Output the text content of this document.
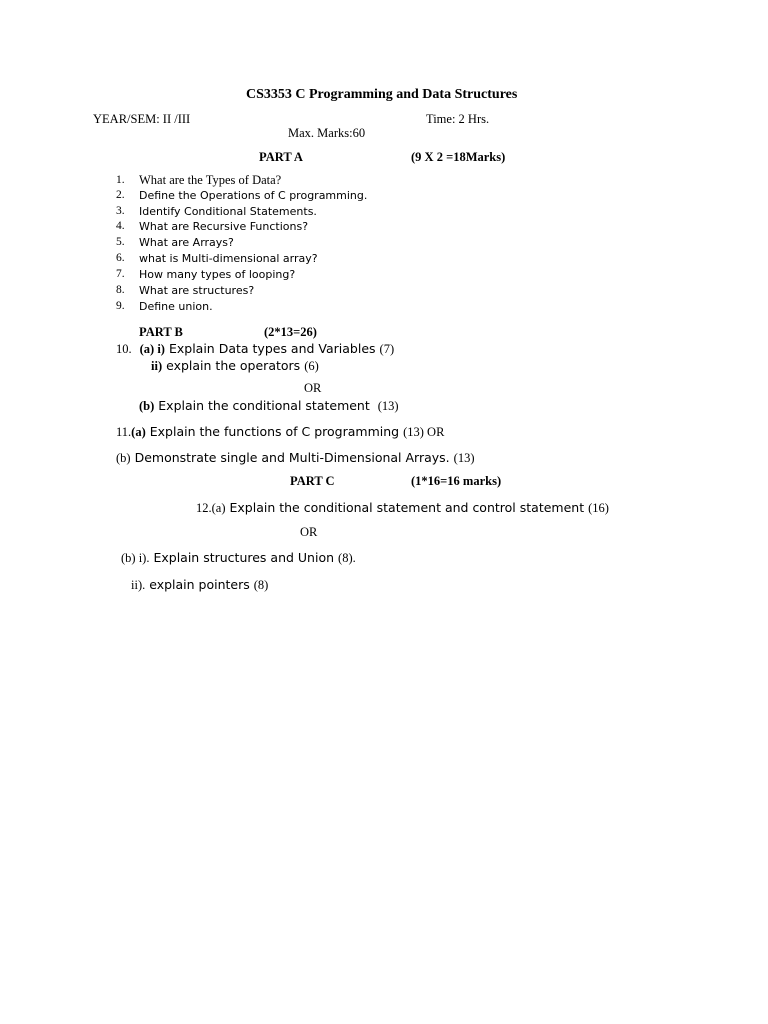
CS3353 C Programming and Data Structures
YEAR/SEM: II /III	Time: 2 Hrs.
Max. Marks:60
PART A	(9 X 2 =18Marks)
1. What are the Types of Data?
2. Define the Operations of C programming.
3. Identify Conditional Statements.
4. What are Recursive Functions?
5. What are Arrays?
6. what is Multi-dimensional array?
7. How many types of looping?
8. What are structures?
9. Define union.
PART B	(2*13=26)
10. (a) i) Explain Data types and Variables (7)
ii) explain the operators (6)
OR
(b) Explain the conditional statement (13)
11.(a) Explain the functions of C programming (13) OR
(b) Demonstrate single and Multi-Dimensional Arrays. (13)
PART C	(1*16=16 marks)
12.(a) Explain the conditional statement and control statement (16)
OR
(b) i). Explain structures and Union (8).
ii). explain pointers (8)
